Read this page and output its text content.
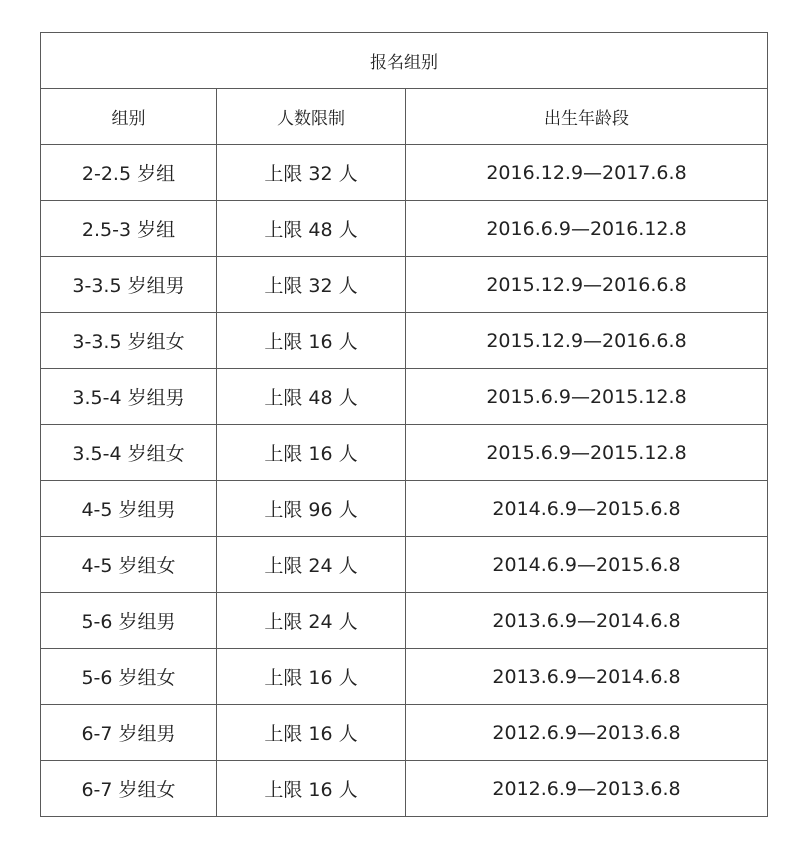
报名组别		
组别	人数限制	出生年龄段
2-2.5 岁组	上限 32 人	2016.12.9—2017.6.8
2.5-3 岁组	上限 48 人	2016.6.9—2016.12.8
3-3.5 岁组男	上限 32 人	2015.12.9—2016.6.8
3-3.5 岁组女	上限 16 人	2015.12.9—2016.6.8
3.5-4 岁组男	上限 48 人	2015.6.9—2015.12.8
3.5-4 岁组女	上限 16 人	2015.6.9—2015.12.8
4-5 岁组男	上限 96 人	2014.6.9—2015.6.8
4-5 岁组女	上限 24 人	2014.6.9—2015.6.8
5-6 岁组男	上限 24 人	2013.6.9—2014.6.8
5-6 岁组女	上限 16 人	2013.6.9—2014.6.8
6-7 岁组男	上限 16 人	2012.6.9—2013.6.8
6-7 岁组女	上限 16 人	2012.6.9—2013.6.8
